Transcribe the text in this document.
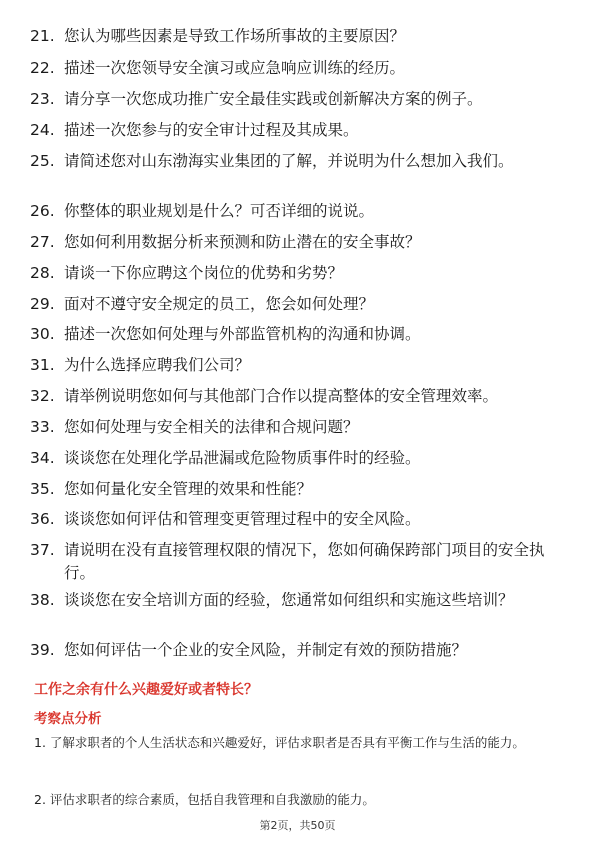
21. 您认为哪些因素是导致工作场所事故的主要原因？
22. 描述一次您领导安全演习或应急响应训练的经历。
23. 请分享一次您成功推广安全最佳实践或创新解决方案的例子。
24. 描述一次您参与的安全审计过程及其成果。
25. 请简述您对山东渤海实业集团的了解，并说明为什么想加入我们。
26. 你整体的职业规划是什么？可否详细的说说。
27. 您如何利用数据分析来预测和防止潜在的安全事故？
28. 请谈一下你应聘这个岗位的优势和劣势？
29. 面对不遵守安全规定的员工，您会如何处理？
30. 描述一次您如何处理与外部监管机构的沟通和协调。
31. 为什么选择应聘我们公司？
32. 请举例说明您如何与其他部门合作以提高整体的安全管理效率。
33. 您如何处理与安全相关的法律和合规问题？
34. 谈谈您在处理化学品泄漏或危险物质事件时的经验。
35. 您如何量化安全管理的效果和性能？
36. 谈谈您如何评估和管理变更管理过程中的安全风险。
37. 请说明在没有直接管理权限的情况下，您如何确保跨部门项目的安全执行。
38. 谈谈您在安全培训方面的经验，您通常如何组织和实施这些培训？
39. 您如何评估一个企业的安全风险，并制定有效的预防措施？
工作之余有什么兴趣爱好或者特长？
考察点分析
1. 了解求职者的个人生活状态和兴趣爱好，评估求职者是否具有平衡工作与生活的能力。
2. 评估求职者的综合素质，包括自我管理和自我激励的能力。
第2页，共50页
